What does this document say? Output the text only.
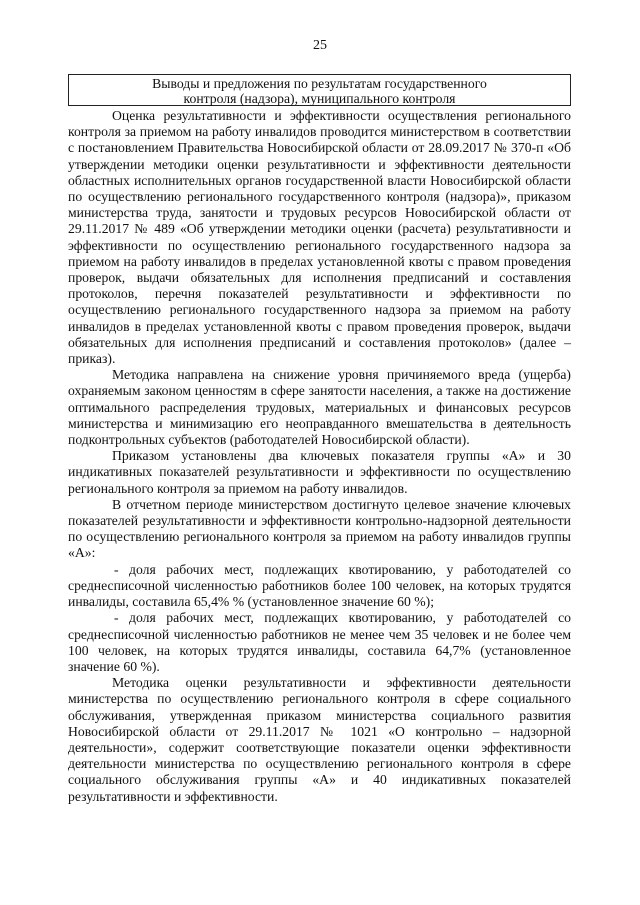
25
Выводы и предложения по результатам государственного
контроля (надзора), муниципального контроля

Оценка результативности и эффективности осуществления регионального контроля за приемом на работу инвалидов проводится министерством в соответствии с постановлением Правительства Новосибирской области от 28.09.2017 № 370-п «Об утверждении методики оценки результативности и эффективности деятельности областных исполнительных органов государственной власти Новосибирской области по осуществлению регионального государственного контроля (надзора)», приказом министерства труда, занятости и трудовых ресурсов Новосибирской области от 29.11.2017 № 489 «Об утверждении методики оценки (расчета) результативности и эффективности по осуществлению регионального государственного надзора за приемом на работу инвалидов в пределах установленной квоты с правом проведения проверок, выдачи обязательных для исполнения предписаний и составления протоколов, перечня показателей результативности и эффективности по осуществлению регионального государственного надзора за приемом на работу инвалидов в пределах установленной квоты с правом проведения проверок, выдачи обязательных для исполнения предписаний и составления протоколов» (далее – приказ).

Методика направлена на снижение уровня причиняемого вреда (ущерба) охраняемым законом ценностям в сфере занятости населения, а также на достижение оптимального распределения трудовых, материальных и финансовых ресурсов министерства и минимизацию его неоправданного вмешательства в деятельность подконтрольных субъектов (работодателей Новосибирской области).

Приказом установлены два ключевых показателя группы «А» и 30 индикативных показателей результативности и эффективности по осуществлению регионального контроля за приемом на работу инвалидов.

В отчетном периоде министерством достигнуто целевое значение ключевых показателей результативности и эффективности контрольно-надзорной деятельности по осуществлению регионального контроля за приемом на работу инвалидов группы «А»:

- доля рабочих мест, подлежащих квотированию, у работодателей со среднесписочной численностью работников более 100 человек, на которых трудятся инвалиды, составила 65,4% % (установленное значение 60 %);

- доля рабочих мест, подлежащих квотированию, у работодателей со среднесписочной численностью работников не менее чем 35 человек и не более чем 100 человек, на которых трудятся инвалиды, составила 64,7% (установленное значение 60 %).

Методика оценки результативности и эффективности деятельности министерства по осуществлению регионального контроля в сфере социального обслуживания, утвержденная приказом министерства социального развития Новосибирской области от 29.11.2017 № 1021 «О контрольно – надзорной деятельности», содержит соответствующие показатели оценки эффективности деятельности министерства по осуществлению регионального контроля в сфере социального обслуживания группы «А» и 40 индикативных показателей результативности и эффективности.
